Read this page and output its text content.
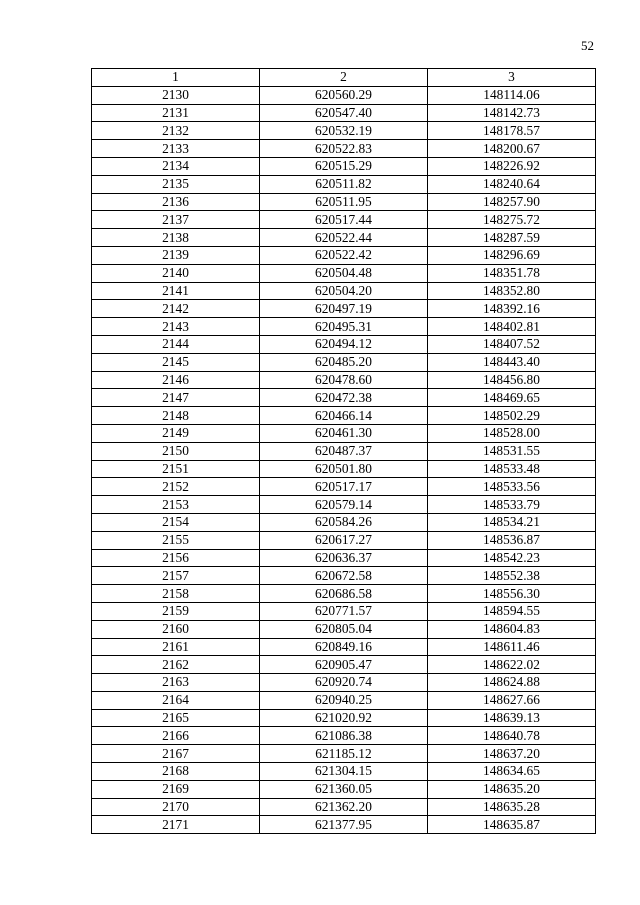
52
1	2	3
2130	620560.29	148114.06
2131	620547.40	148142.73
2132	620532.19	148178.57
2133	620522.83	148200.67
2134	620515.29	148226.92
2135	620511.82	148240.64
2136	620511.95	148257.90
2137	620517.44	148275.72
2138	620522.44	148287.59
2139	620522.42	148296.69
2140	620504.48	148351.78
2141	620504.20	148352.80
2142	620497.19	148392.16
2143	620495.31	148402.81
2144	620494.12	148407.52
2145	620485.20	148443.40
2146	620478.60	148456.80
2147	620472.38	148469.65
2148	620466.14	148502.29
2149	620461.30	148528.00
2150	620487.37	148531.55
2151	620501.80	148533.48
2152	620517.17	148533.56
2153	620579.14	148533.79
2154	620584.26	148534.21
2155	620617.27	148536.87
2156	620636.37	148542.23
2157	620672.58	148552.38
2158	620686.58	148556.30
2159	620771.57	148594.55
2160	620805.04	148604.83
2161	620849.16	148611.46
2162	620905.47	148622.02
2163	620920.74	148624.88
2164	620940.25	148627.66
2165	621020.92	148639.13
2166	621086.38	148640.78
2167	621185.12	148637.20
2168	621304.15	148634.65
2169	621360.05	148635.20
2170	621362.20	148635.28
2171	621377.95	148635.87
